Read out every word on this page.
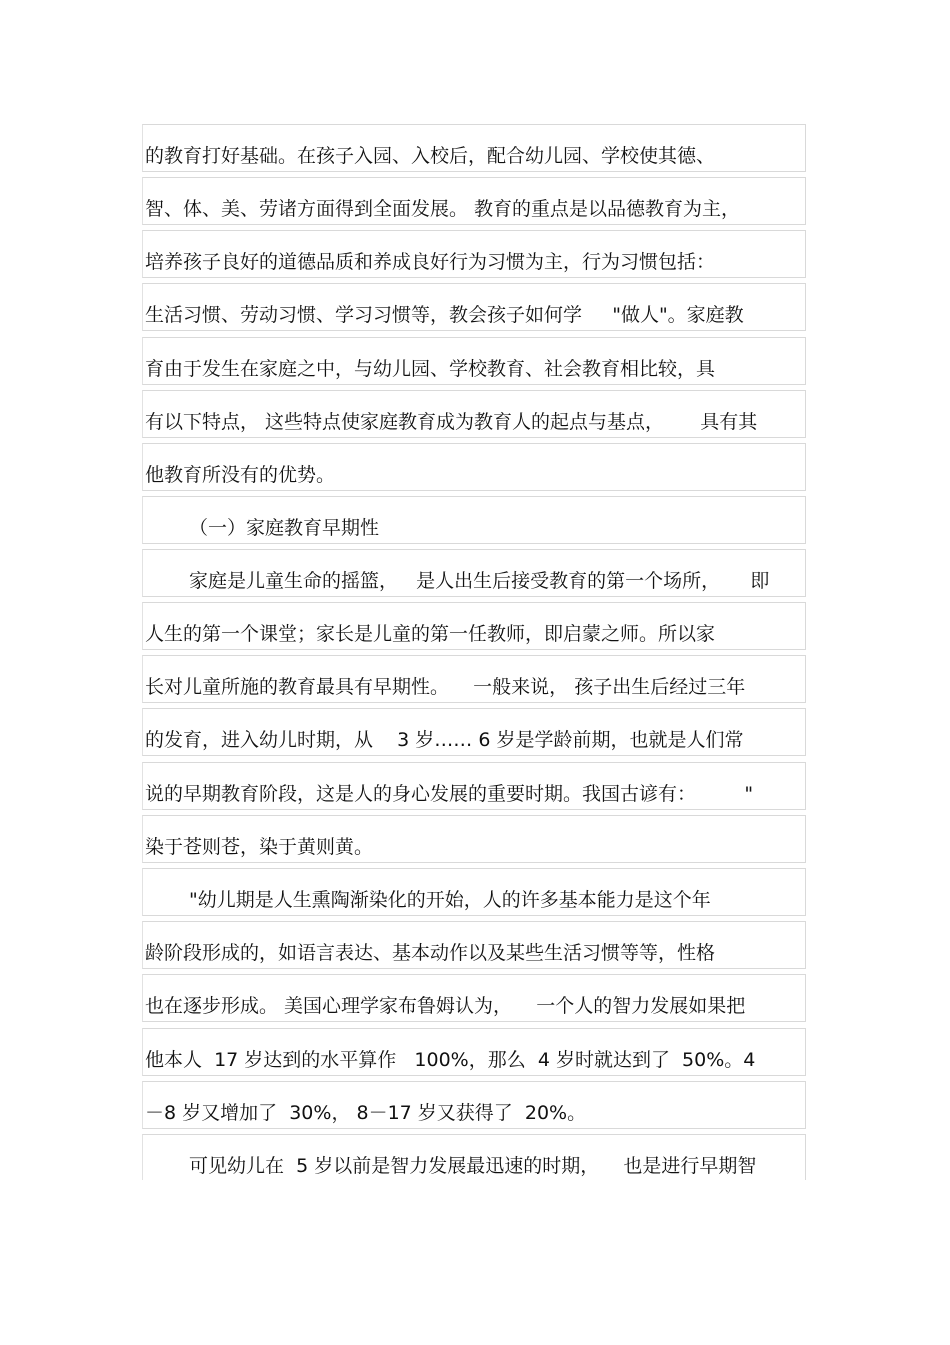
的教育打好基础。在孩子入园、入校后，配合幼儿园、学校使其德、

智、体、美、劳诸方面得到全面发展。 教育的重点是以品德教育为主，

培养孩子良好的道德品质和养成良好行为习惯为主，行为习惯包括：

生活习惯、劳动习惯、学习习惯等，教会孩子如何学     "做人"。家庭教

育由于发生在家庭之中，与幼儿园、学校教育、社会教育相比较，具

有以下特点， 这些特点使家庭教育成为教育人的起点与基点，      具有其

他教育所没有的优势。

（一）家庭教育早期性

家庭是儿童生命的摇篮，   是人出生后接受教育的第一个场所，     即

人生的第一个课堂；家长是儿童的第一任教师，即启蒙之师。所以家

长对儿童所施的教育最具有早期性。    一般来说， 孩子出生后经过三年

的发育，进入幼儿时期，从    3 岁…… 6 岁是学龄前期，也就是人们常

说的早期教育阶段，这是人的身心发展的重要时期。我国古谚有：        "

染于苍则苍，染于黄则黄。

"幼儿期是人生熏陶渐染化的开始，人的许多基本能力是这个年

龄阶段形成的，如语言表达、基本动作以及某些生活习惯等等，性格

也在逐步形成。 美国心理学家布鲁姆认为，    一个人的智力发展如果把

他本人  17 岁达到的水平算作   100%，那么  4 岁时就达到了  50%。4

－8 岁又增加了  30%， 8－17 岁又获得了  20%。

可见幼儿在  5 岁以前是智力发展最迅速的时期，    也是进行早期智
